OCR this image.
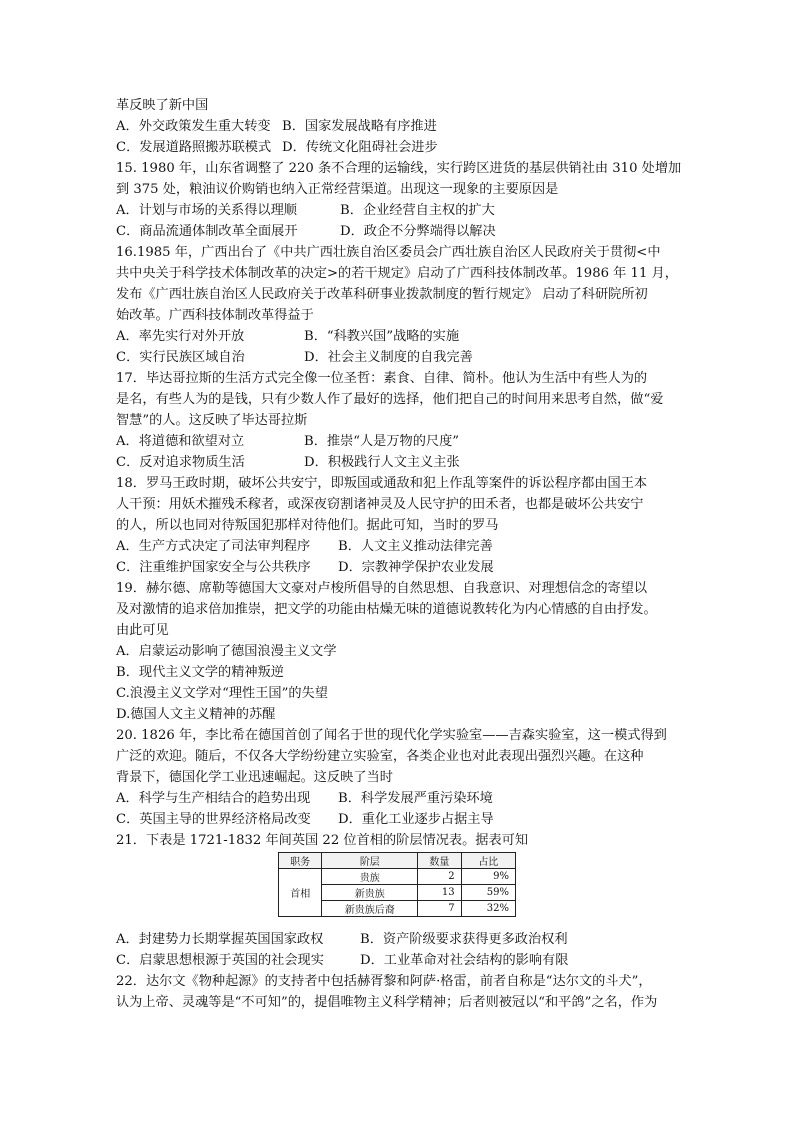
革反映了新中国
A．外交政策发生重大转变 B．国家发展战略有序推进
C．发展道路照搬苏联模式 D．传统文化阻碍社会进步
15. 1980 年，山东省调整了 220 条不合理的运输线，实行跨区进货的基层供销社由 310 处增加
到 375 处，粮油议价购销也纳入正常经营渠道。出现这一现象的主要原因是
A．计划与市场的关系得以理顺	B．企业经营自主权的扩大
C．商品流通体制改革全面展开	D．政企不分弊端得以解决
16.1985 年，广西出台了《中共广西壮族自治区委员会广西壮族自治区人民政府关于贯彻<中
共中央关于科学技术体制改革的决定>的若干规定》启动了广西科技体制改革。1986 年 11 月，
发布《广西壮族自治区人民政府关于改革科研事业拨款制度的暂行规定》 启动了科研院所初
始改革。广西科技体制改革得益于
A．率先实行对外开放	B．“科教兴国”战略的实施
C．实行民族区域自治	D．社会主义制度的自我完善
17．毕达哥拉斯的生活方式完全像一位圣哲：素食、自律、简朴。他认为生活中有些人为的
是名，有些人为的是钱，只有少数人作了最好的选择，他们把自己的时间用来思考自然，做“爱
智慧”的人。这反映了毕达哥拉斯
A．将道德和欲望对立	B．推崇“人是万物的尺度”
C．反对追求物质生活	D．积极践行人文主义主张
18．罗马王政时期，破坏公共安宁，即叛国或通敌和犯上作乱等案件的诉讼程序都由国王本
人干预：用妖术摧残禾稼者，或深夜窃割诸神灵及人民守护的田禾者，也都是破坏公共安宁
的人，所以也同对待叛国犯那样对待他们。据此可知，当时的罗马
A．生产方式决定了司法审判程序	B．人文主义推动法律完善
C．注重维护国家安全与公共秩序	D．宗教神学保护农业发展
19．赫尔德、席勒等德国大文豪对卢梭所倡导的自然思想、自我意识、对理想信念的寄望以
及对激情的追求倍加推崇，把文学的功能由枯燥无味的道德说教转化为内心情感的自由抒发。
由此可见
A．启蒙运动影响了德国浪漫主义文学
B．现代主义文学的精神叛逆
C.浪漫主义文学对“理性王国”的失望
D.德国人文主义精神的苏醒
20. 1826 年，李比希在德国首创了闻名于世的现代化学实验室——吉森实验室，这一模式得到
广泛的欢迎。随后，不仅各大学纷纷建立实验室，各类企业也对此表现出强烈兴趣。在这种
背景下，德国化学工业迅速崛起。这反映了当时
A．科学与生产相结合的趋势出现	B．科学发展严重污染环境
C．英国主导的世界经济格局改变	D．重化工业逐步占据主导
21．下表是 1721-1832 年间英国 22 位首相的阶层情况表。据表可知
职务	阶层	数量	占比
首相	贵族	2	9%
	新贵族	13	59%
	新贵族后裔	7	32%
A．封建势力长期掌握英国国家政权	B．资产阶级要求获得更多政治权利
C．启蒙思想根源于英国的社会现实	D．工业革命对社会结构的影响有限
22．达尔文《物种起源》的支持者中包括赫胥黎和阿萨·格雷，前者自称是“达尔文的斗犬”，
认为上帝、灵魂等是“不可知”的，提倡唯物主义科学精神；后者则被冠以“和平鸽”之名，作为
